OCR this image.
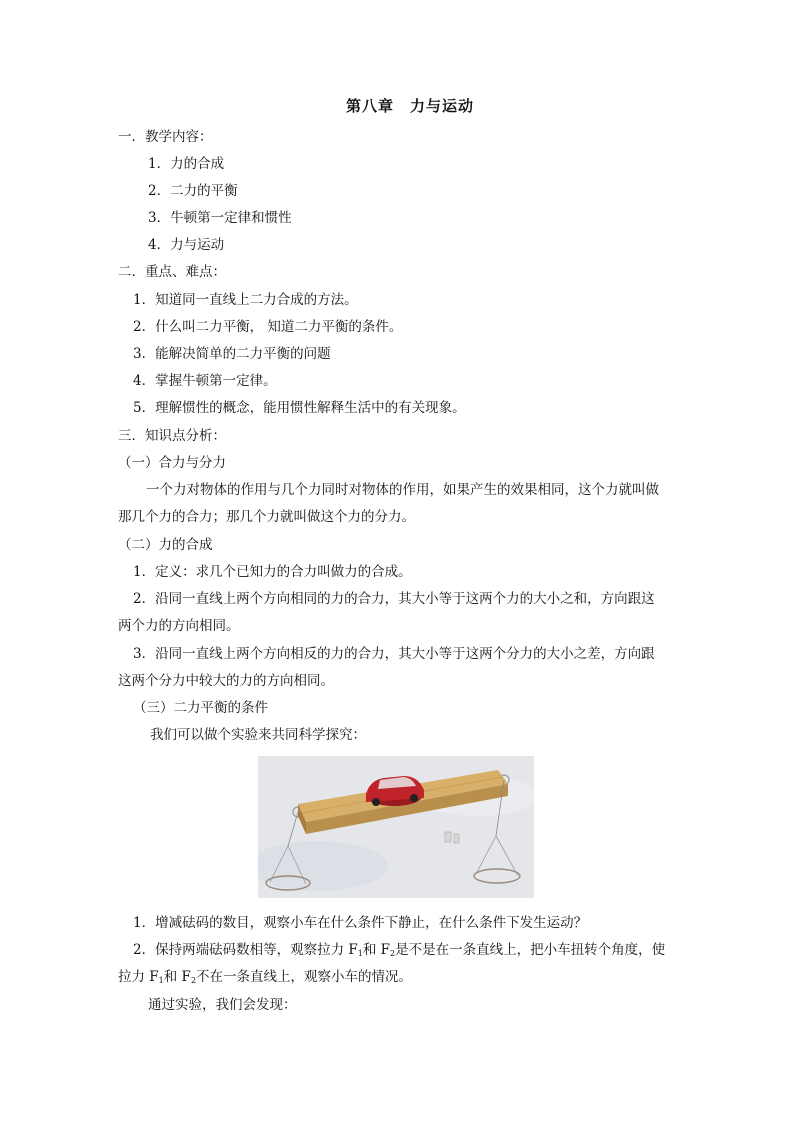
第八章　力与运动
一．教学内容：
1．力的合成
2．二力的平衡
3．牛顿第一定律和惯性
4．力与运动
二．重点、难点：
1．知道同一直线上二力合成的方法。
2．什么叫二力平衡， 知道二力平衡的条件。
3．能解决简单的二力平衡的问题
4．掌握牛顿第一定律。
5．理解惯性的概念，能用惯性解释生活中的有关现象。
三．知识点分析：
（一）合力与分力
一个力对物体的作用与几个力同时对物体的作用，如果产生的效果相同，这个力就叫做
那几个力的合力；那几个力就叫做这个力的分力。
（二）力的合成
1．定义：求几个已知力的合力叫做力的合成。
2．沿同一直线上两个方向相同的力的合力，其大小等于这两个力的大小之和，方向跟这
两个力的方向相同。
3．沿同一直线上两个方向相反的力的合力，其大小等于这两个分力的大小之差，方向跟
这两个分力中较大的力的方向相同。
（三）二力平衡的条件
我们可以做个实验来共同科学探究：
1．增减砝码的数目，观察小车在什么条件下静止，在什么条件下发生运动？
2．保持两端砝码数相等，观察拉力 $F_1$和 $F_2$是不是在一条直线上，把小车扭转个角度，使
拉力 $F_1$和 $F_2$不在一条直线上，观察小车的情况。
通过实验，我们会发现：
